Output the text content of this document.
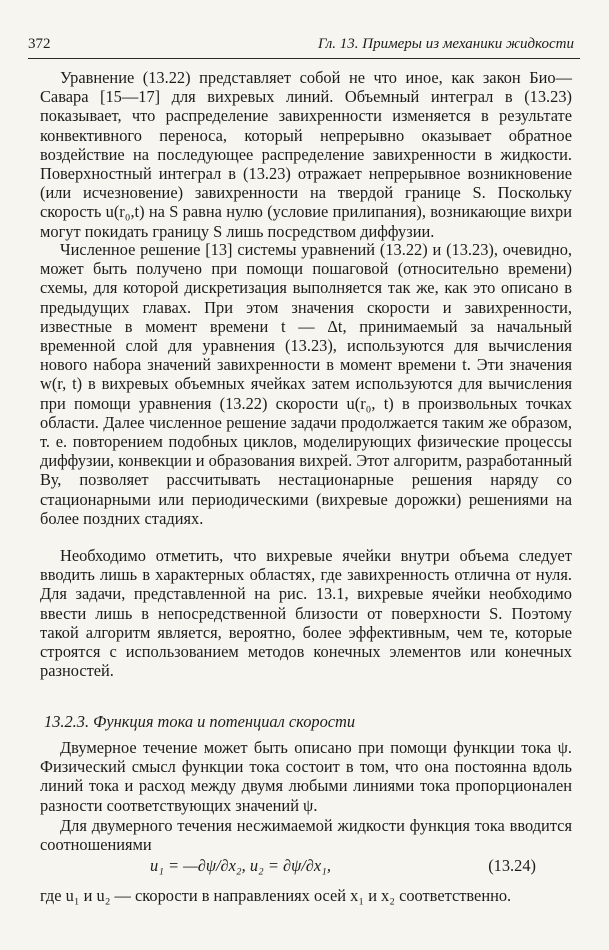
372	Гл. 13. Примеры из механики жидкости

Уравнение (13.22) представляет собой не что иное, как закон Био—Савара [15—17] для вихревых линий. Объемный интеграл в (13.23) показывает, что распределение завихренности изменяется в результате конвективного переноса, который непрерывно оказывает обратное воздействие на последующее распределение завихренности в жидкости. Поверхностный интеграл в (13.23) отражает непрерывное возникновение (или исчезновение) завихренности на твердой границе S. Поскольку скорость u(r₀,t) на S равна нулю (условие прилипания), возникающие вихри могут покидать границу S лишь посредством диффузии.

Численное решение [13] системы уравнений (13.22) и (13.23), очевидно, может быть получено при помощи пошаговой (относительно времени) схемы, для которой дискретизация выполняется так же, как это описано в предыдущих главах. При этом значения скорости и завихренности, известные в момент времени t — Δt, принимаемый за начальный временной слой для уравнения (13.23), используются для вычисления нового набора значений завихренности в момент времени t. Эти значения w(r, t) в вихревых объемных ячейках затем используются для вычисления при помощи уравнения (13.22) скорости u(r₀, t) в произвольных точках области. Далее численное решение задачи продолжается таким же образом, т. е. повторением подобных циклов, моделирующих физические процессы диффузии, конвекции и образования вихрей. Этот алгоритм, разработанный Ву, позволяет рассчитывать нестационарные решения наряду со стационарными или периодическими (вихревые дорожки) решениями на более поздних стадиях.

Необходимо отметить, что вихревые ячейки внутри объема следует вводить лишь в характерных областях, где завихренность отлична от нуля. Для задачи, представленной на рис. 13.1, вихревые ячейки необходимо ввести лишь в непосредственной близости от поверхности S. Поэтому такой алгоритм является, вероятно, более эффективным, чем те, которые строятся с использованием методов конечных элементов или конечных разностей.

13.2.3. Функция тока и потенциал скорости

Двумерное течение может быть описано при помощи функции тока ψ. Физический смысл функции тока состоит в том, что она постоянна вдоль линий тока и расход между двумя любыми линиями тока пропорционален разности соответствующих значений ψ.

Для двумерного течения несжимаемой жидкости функция тока вводится соотношениями

u₁ = —∂ψ/∂x₂, u₂ = ∂ψ/∂x₁,	(13.24)

где u₁ и u₂ — скорости в направлениях осей x₁ и x₂ соответственно.
